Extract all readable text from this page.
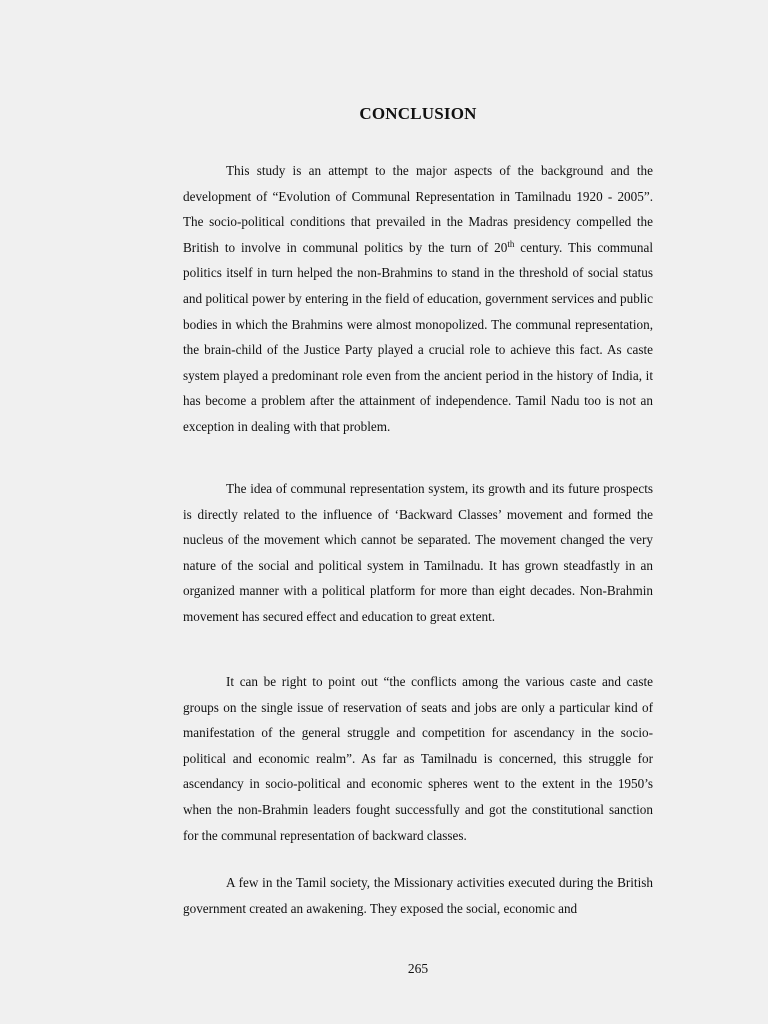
CONCLUSION

This study is an attempt to the major aspects of the background and the development of “Evolution of Communal Representation in Tamilnadu 1920 - 2005”. The socio-political conditions that prevailed in the Madras presidency compelled the British to involve in communal politics by the turn of 20th century. This communal politics itself in turn helped the non-Brahmins to stand in the threshold of social status and political power by entering in the field of education, government services and public bodies in which the Brahmins were almost monopolized. The communal representation, the brain-child of the Justice Party played a crucial role to achieve this fact. As caste system played a predominant role even from the ancient period in the history of India, it has become a problem after the attainment of independence. Tamil Nadu too is not an exception in dealing with that problem.

The idea of communal representation system, its growth and its future prospects is directly related to the influence of ‘Backward Classes’ movement and formed the nucleus of the movement which cannot be separated. The movement changed the very nature of the social and political system in Tamilnadu. It has grown steadfastly in an organized manner with a political platform for more than eight decades. Non-Brahmin movement has secured effect and education to great extent.

It can be right to point out “the conflicts among the various caste and caste groups on the single issue of reservation of seats and jobs are only a particular kind of manifestation of the general struggle and competition for ascendancy in the socio-political and economic realm”. As far as Tamilnadu is concerned, this struggle for ascendancy in socio-political and economic spheres went to the extent in the 1950’s when the non-Brahmin leaders fought successfully and got the constitutional sanction for the communal representation of backward classes.

A few in the Tamil society, the Missionary activities executed during the British government created an awakening. They exposed the social, economic and

265
